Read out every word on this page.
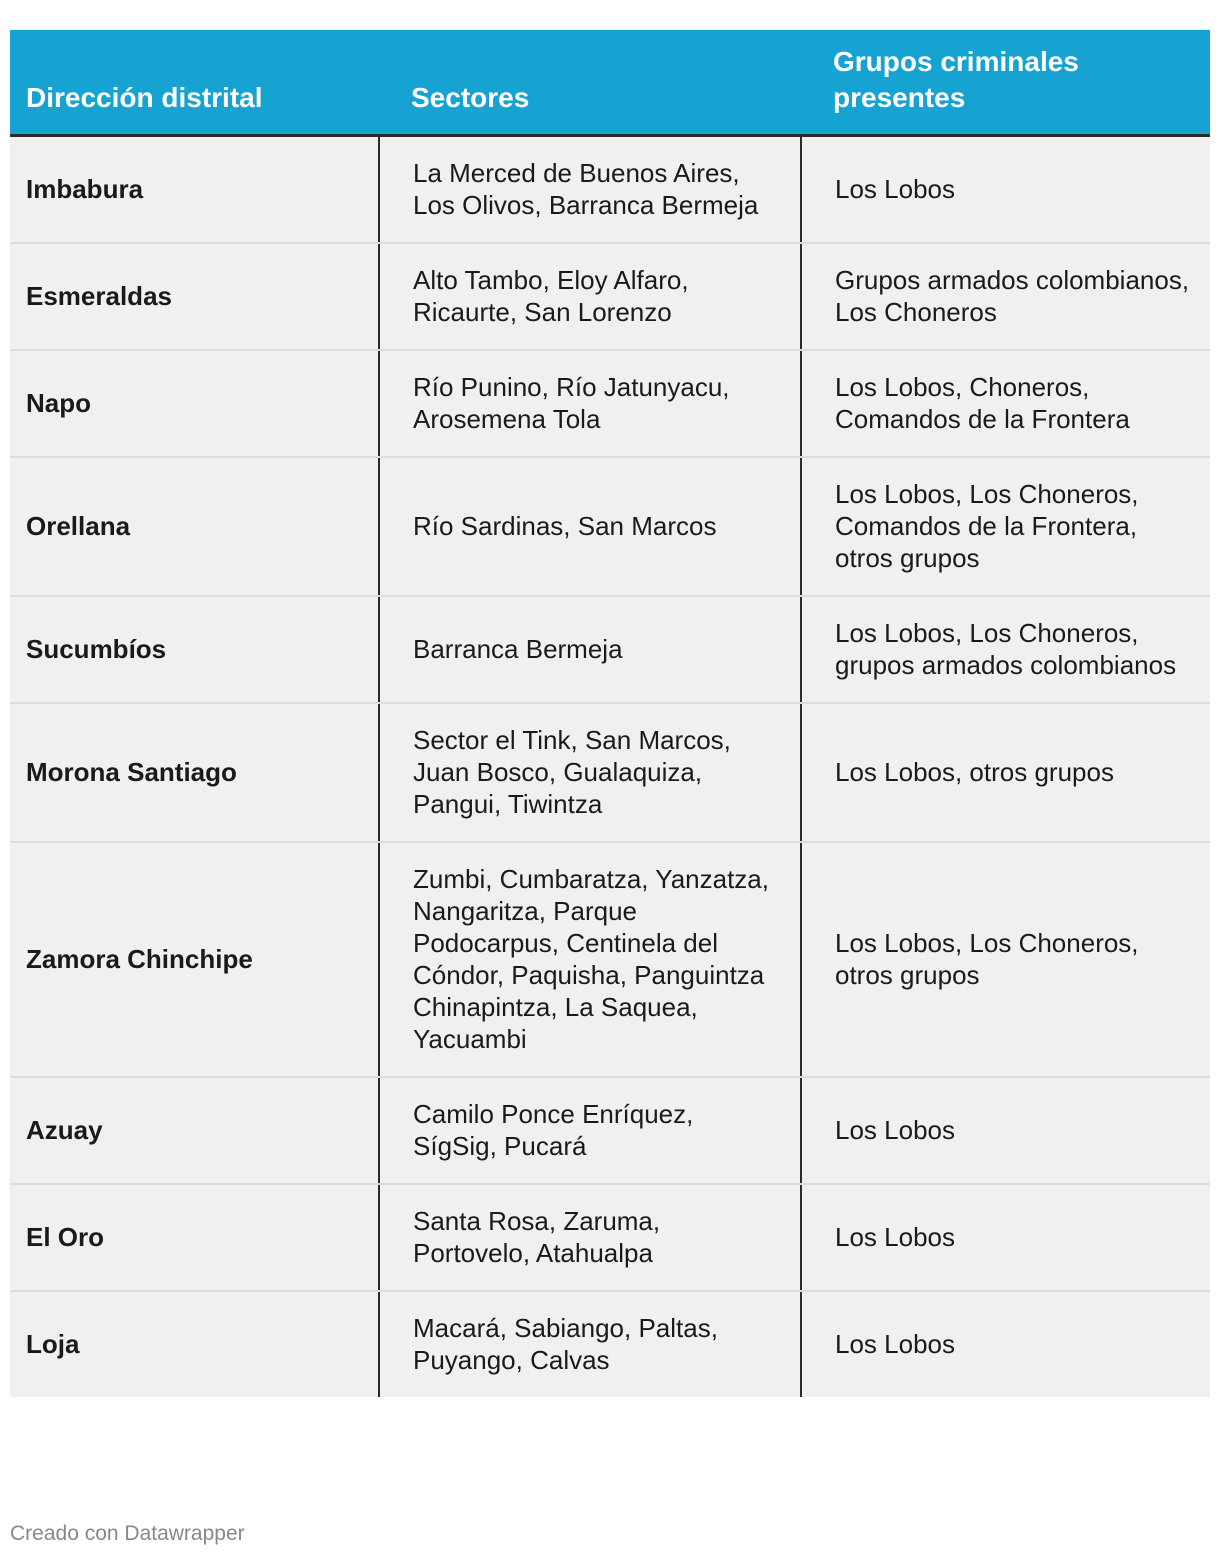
Dirección distrital	Sectores	Grupos criminales presentes
Imbabura	La Merced de Buenos Aires, Los Olivos, Barranca Bermeja	Los Lobos
Esmeraldas	Alto Tambo, Eloy Alfaro, Ricaurte, San Lorenzo	Grupos armados colombianos, Los Choneros
Napo	Río Punino, Río Jatunyacu, Arosemena Tola	Los Lobos, Choneros, Comandos de la Frontera
Orellana	Río Sardinas, San Marcos	Los Lobos, Los Choneros, Comandos de la Frontera, otros grupos
Sucumbíos	Barranca Bermeja	Los Lobos, Los Choneros, grupos armados colombianos
Morona Santiago	Sector el Tink, San Marcos, Juan Bosco, Gualaquiza, Pangui, Tiwintza	Los Lobos, otros grupos
Zamora Chinchipe	Zumbi, Cumbaratza, Yanzatza, Nangaritza, Parque Podocarpus, Centinela del Cóndor, Paquisha, Panguintza Chinapintza, La Saquea, Yacuambi	Los Lobos, Los Choneros, otros grupos
Azuay	Camilo Ponce Enríquez, SígSig, Pucará	Los Lobos
El Oro	Santa Rosa, Zaruma, Portovelo, Atahualpa	Los Lobos
Loja	Macará, Sabiango, Paltas, Puyango, Calvas	Los Lobos
Creado con Datawrapper
